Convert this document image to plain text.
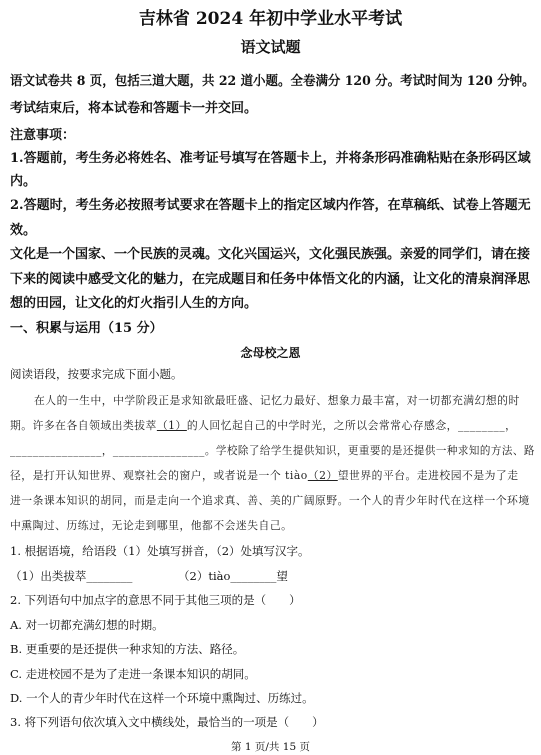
吉林省 2024 年初中学业水平考试
语文试题
语文试卷共 8 页，包括三道大题，共 22 道小题。全卷满分 120 分。考试时间为 120 分钟。
考试结束后，将本试卷和答题卡一并交回。
注意事项：
1.答题前，考生务必将姓名、准考证号填写在答题卡上，并将条形码准确粘贴在条形码区域
内。
2.答题时，考生务必按照考试要求在答题卡上的指定区域内作答，在草稿纸、试卷上答题无
效。
文化是一个国家、一个民族的灵魂。文化兴国运兴，文化强民族强。亲爱的同学们，请在接
下来的阅读中感受文化的魅力，在完成题目和任务中体悟文化的内涵，让文化的清泉润泽思
想的田园，让文化的灯火指引人生的方向。
一、积累与运用（15 分）
念母校之恩
阅读语段，按要求完成下面小题。
在人的一生中，中学阶段正是求知欲最旺盛、记忆力最好、想象力最丰富，对一切都充满幻想的时
期。许多在各自领域出类拔萃（1）的人回忆起自己的中学时光，之所以会常常心存感念，________，
________________，________________。学校除了给学生提供知识，更重要的是还提供一种求知的方法、路
径，是打开认知世界、观察社会的窗户，或者说是一个 tiào（2）望世界的平台。走进校园不是为了走
进一条课本知识的胡同，而是走向一个追求真、善、美的广阔原野。一个人的青少年时代在这样一个环境
中熏陶过、历练过，无论走到哪里，他都不会迷失自己。
1. 根据语境，给语段（1）处填写拼音，（2）处填写汉字。
（1）出类拔萃________	（2）tiào________望
2. 下列语句中加点字的意思不同于其他三项的是（　　）
A. 对一切都充满幻想的时期。
B. 更重要的是还提供一种求知的方法、路径。
C. 走进校园不是为了走进一条课本知识的胡同。
D. 一个人的青少年时代在这样一个环境中熏陶过、历练过。
3. 将下列语句依次填入文中横线处，最恰当的一项是（　　）
第 1 页/共 15 页
